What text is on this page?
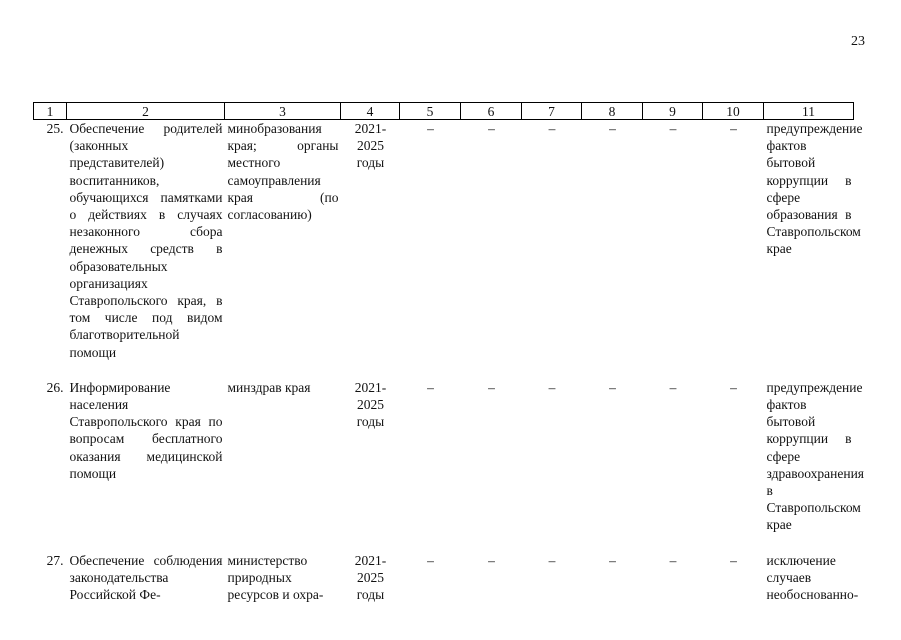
23
1	2	3	4	5	6	7	8	9	10	11
25.	Обеспечение родителей (законных представителей) воспитанников, обучающихся памятками о действиях в случаях незаконного сбора денежных средств в образовательных организациях Ставропольского края, в том числе под видом благотворительной помощи	минобразования края; органы местного самоуправления края (по согласованию)	2021-2025 годы	–	–	–	–	–	–	предупреждение фактов бытовой коррупции в сфере образования в Ставропольском крае
26.	Информирование населения Ставропольского края по вопросам бесплатного оказания медицинской помощи	минздрав края	2021-2025 годы	–	–	–	–	–	–	предупреждение фактов бытовой коррупции в сфере здравоохранения в Ставропольском крае
27.	Обеспечение соблюдения законодательства Российской Фе-	министерство природных ресурсов и охра-	2021-2025 годы	–	–	–	–	–	–	исключение случаев необоснованно-
